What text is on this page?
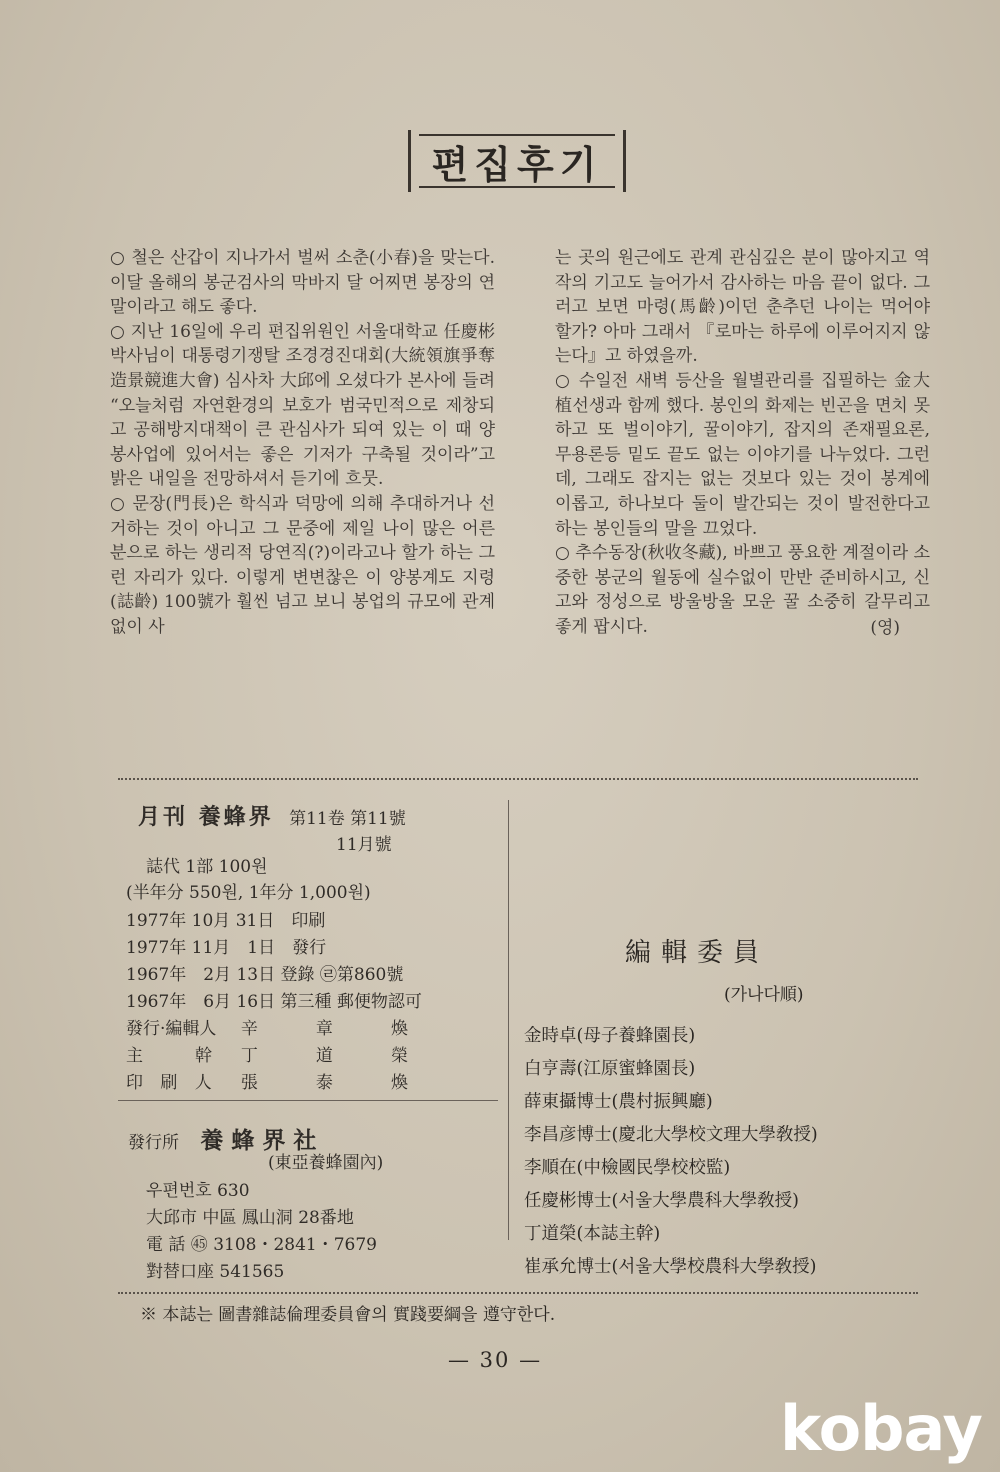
편집후기

○ 철은 산갑이 지나가서 벌써 소춘(小春)을 맞는다. 이달 올해의 봉군검사의 막바지 달 어찌면 봉장의 연말이라고 해도 좋다.

○ 지난 16일에 우리 편집위원인 서울대학교 任慶彬박사님이 대통령기쟁탈 조경경진대회(大統領旗爭奪 造景競進大會) 심사차 大邱에 오셨다가 본사에 들려 “오늘처럼 자연환경의 보호가 범국민적으로 제창되고 공해방지대책이 큰 관심사가 되여 있는 이 때 양봉사업에 있어서는 좋은 기저가 구축될 것이라”고 밝은 내일을 전망하셔서 듣기에 흐뭇.

○ 문장(門長)은 학식과 덕망에 의해 추대하거나 선거하는 것이 아니고 그 문중에 제일 나이 많은 어른분으로 하는 생리적 당연직(?)이라고나 할가 하는 그런 자리가 있다. 이렇게 변변찮은 이 양봉계도 지령(誌齡) 100號가 훨씬 넘고 보니 봉업의 규모에 관계없이 사

는 곳의 원근에도 관계 관심깊은 분이 많아지고 역작의 기고도 늘어가서 감사하는 마음 끝이 없다. 그러고 보면 마령(馬齡)이던 춘추던 나이는 먹어야 할가? 아마 그래서 『로마는 하루에 이루어지지 않는다』고 하였을까.

○ 수일전 새벽 등산을 월별관리를 집필하는 金大植선생과 함께 했다. 봉인의 화제는 빈곤을 면치 못하고 또 벌이야기, 꿀이야기, 잡지의 존재필요론, 무용론등 밑도 끝도 없는 이야기를 나누었다. 그런데, 그래도 잡지는 없는 것보다 있는 것이 봉계에 이롭고, 하나보다 둘이 발간되는 것이 발전한다고 하는 봉인들의 말을 끄었다.

○ 추수동장(秋收冬藏), 바쁘고 풍요한 계절이라 소중한 봉군의 월동에 실수없이 만반 준비하시고, 신고와 정성으로 방울방울 모운 꿀 소중히 갈무리고 좋게 팝시다.	(영)

月刊 養蜂界 第11卷 第11號
11月號
誌代 1部 100원
(半年分 550원, 1年分 1,000원)
1977年 10月 31日　印刷
1977年 11月　1日　發行
1967年　2月 13日 登錄 ㉣第860號
1967年　6月 16日 第三種 郵便物認可
發行·編輯人	辛	章	煥
主　　幹	丁	道	榮
印 刷 人	張	泰	煥
發行所 養蜂界社
(東亞養蜂園內)
우편번호 630
大邱市 中區 鳳山洞 28番地
電 話 ㊺ 3108・2841・7679
對替口座 541565
編輯委員
(가나다順)
金時卓(母子養蜂園長)
白亨壽(江原蜜蜂園長)
薛東攝博士(農村振興廳)
李昌彦博士(慶北大學校文理大學敎授)
李順在(中檢國民學校校監)
任慶彬博士(서울大學農科大學敎授)
丁道榮(本誌主幹)
崔承允博士(서울大學校農科大學敎授)
※ 本誌는 圖書雜誌倫理委員會의 實踐要綱을 遵守한다.
— 30 —
kobay
